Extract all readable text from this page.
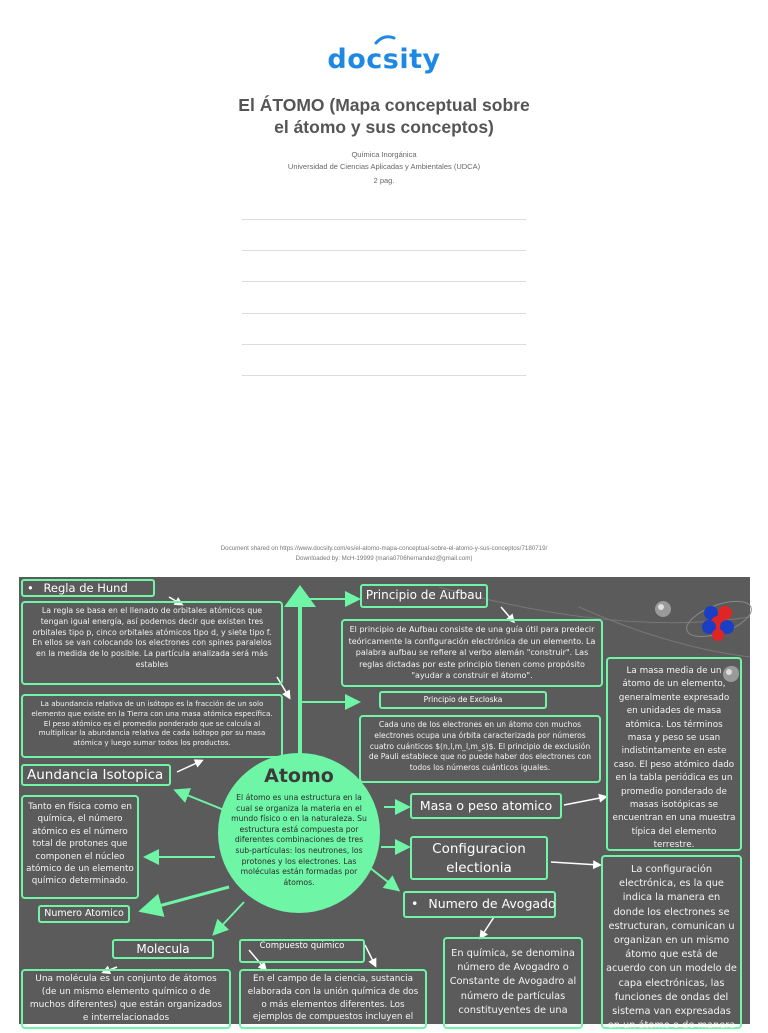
docsity
El ÁTOMO (Mapa conceptual sobre
el átomo y sus conceptos)
Química Inorgánica
Universidad de Ciencias Aplicadas y Ambientales (UDCA)
2 pag.
Document shared on https://www.docsity.com/es/el-atomo-mapa-conceptual-sobre-el-atomo-y-sus-conceptos/7180719/
Downloaded by: McH-19999 (maria0706hernandez@gmail.com)
• Regla de Hund
La regla se basa en el llenado de orbitales atómicos que tengan igual energía, así podemos decir que existen tres orbitales tipo p, cinco orbitales atómicos tipo d, y siete tipo f. En ellos se van colocando los electrones con spines paralelos en la medida de lo posible. La partícula analizada será más estables
La abundancia relativa de un isótopo es la fracción de un solo elemento que existe en la Tierra con una masa atómica específica. El peso atómico es el promedio ponderado que se calcula al multiplicar la abundancia relativa de cada isótopo por su masa atómica y luego sumar todos los productos.
Aundancia Isotopica
Tanto en física como en química, el número atómico es el número total de protones que componen el núcleo atómico de un elemento químico determinado.
Numero Atomico
Molecula
Una molécula es un conjunto de átomos (de un mismo elemento químico o de muchos diferentes) que están organizados e interrelacionados
Compuesto quimico
En el campo de la ciencia, sustancia elaborada con la unión química de dos o más elementos diferentes. Los ejemplos de compuestos incluyen el
Atomo
El átomo es una estructura en la cual se organiza la materia en el mundo físico o en la naturaleza. Su estructura está compuesta por diferentes combinaciones de tres sub-partículas: los neutrones, los protones y los electrones. Las moléculas están formadas por átomos.
Principio de Aufbau
El principio de Aufbau consiste de una guía útil para predecir teóricamente la configuración electrónica de un elemento. La palabra aufbau se refiere al verbo alemán "construir". Las reglas dictadas por este principio tienen como propósito "ayudar a construir el átomo".
Principio de Excloska
Cada uno de los electrones en un átomo con muchos electrones ocupa una órbita caracterizada por números cuatro cuánticos $(n,l,m_l,m_s)$. El principio de exclusión de Pauli establece que no puede haber dos electrones con todos los números cuánticos iguales.
Masa o peso atomico
La masa media de un átomo de un elemento, generalmente expresado en unidades de masa atómica. Los términos masa y peso se usan indistintamente en este caso. El peso atómico dado en la tabla periódica es un promedio ponderado de masas isotópicas se encuentran en una muestra típica del elemento terrestre.
Configuracion electionia	La configuración electrónica, es la que indica la manera en donde los electrones se estructuran, comunican u organizan en un mismo átomo que está de acuerdo con un modelo de capa electrónicas, las funciones de ondas del sistema van expresadas en un átomo o de manera
• Numero de Avogado
En química, se denomina número de Avogadro o Constante de Avogadro al número de partículas constituyentes de una
